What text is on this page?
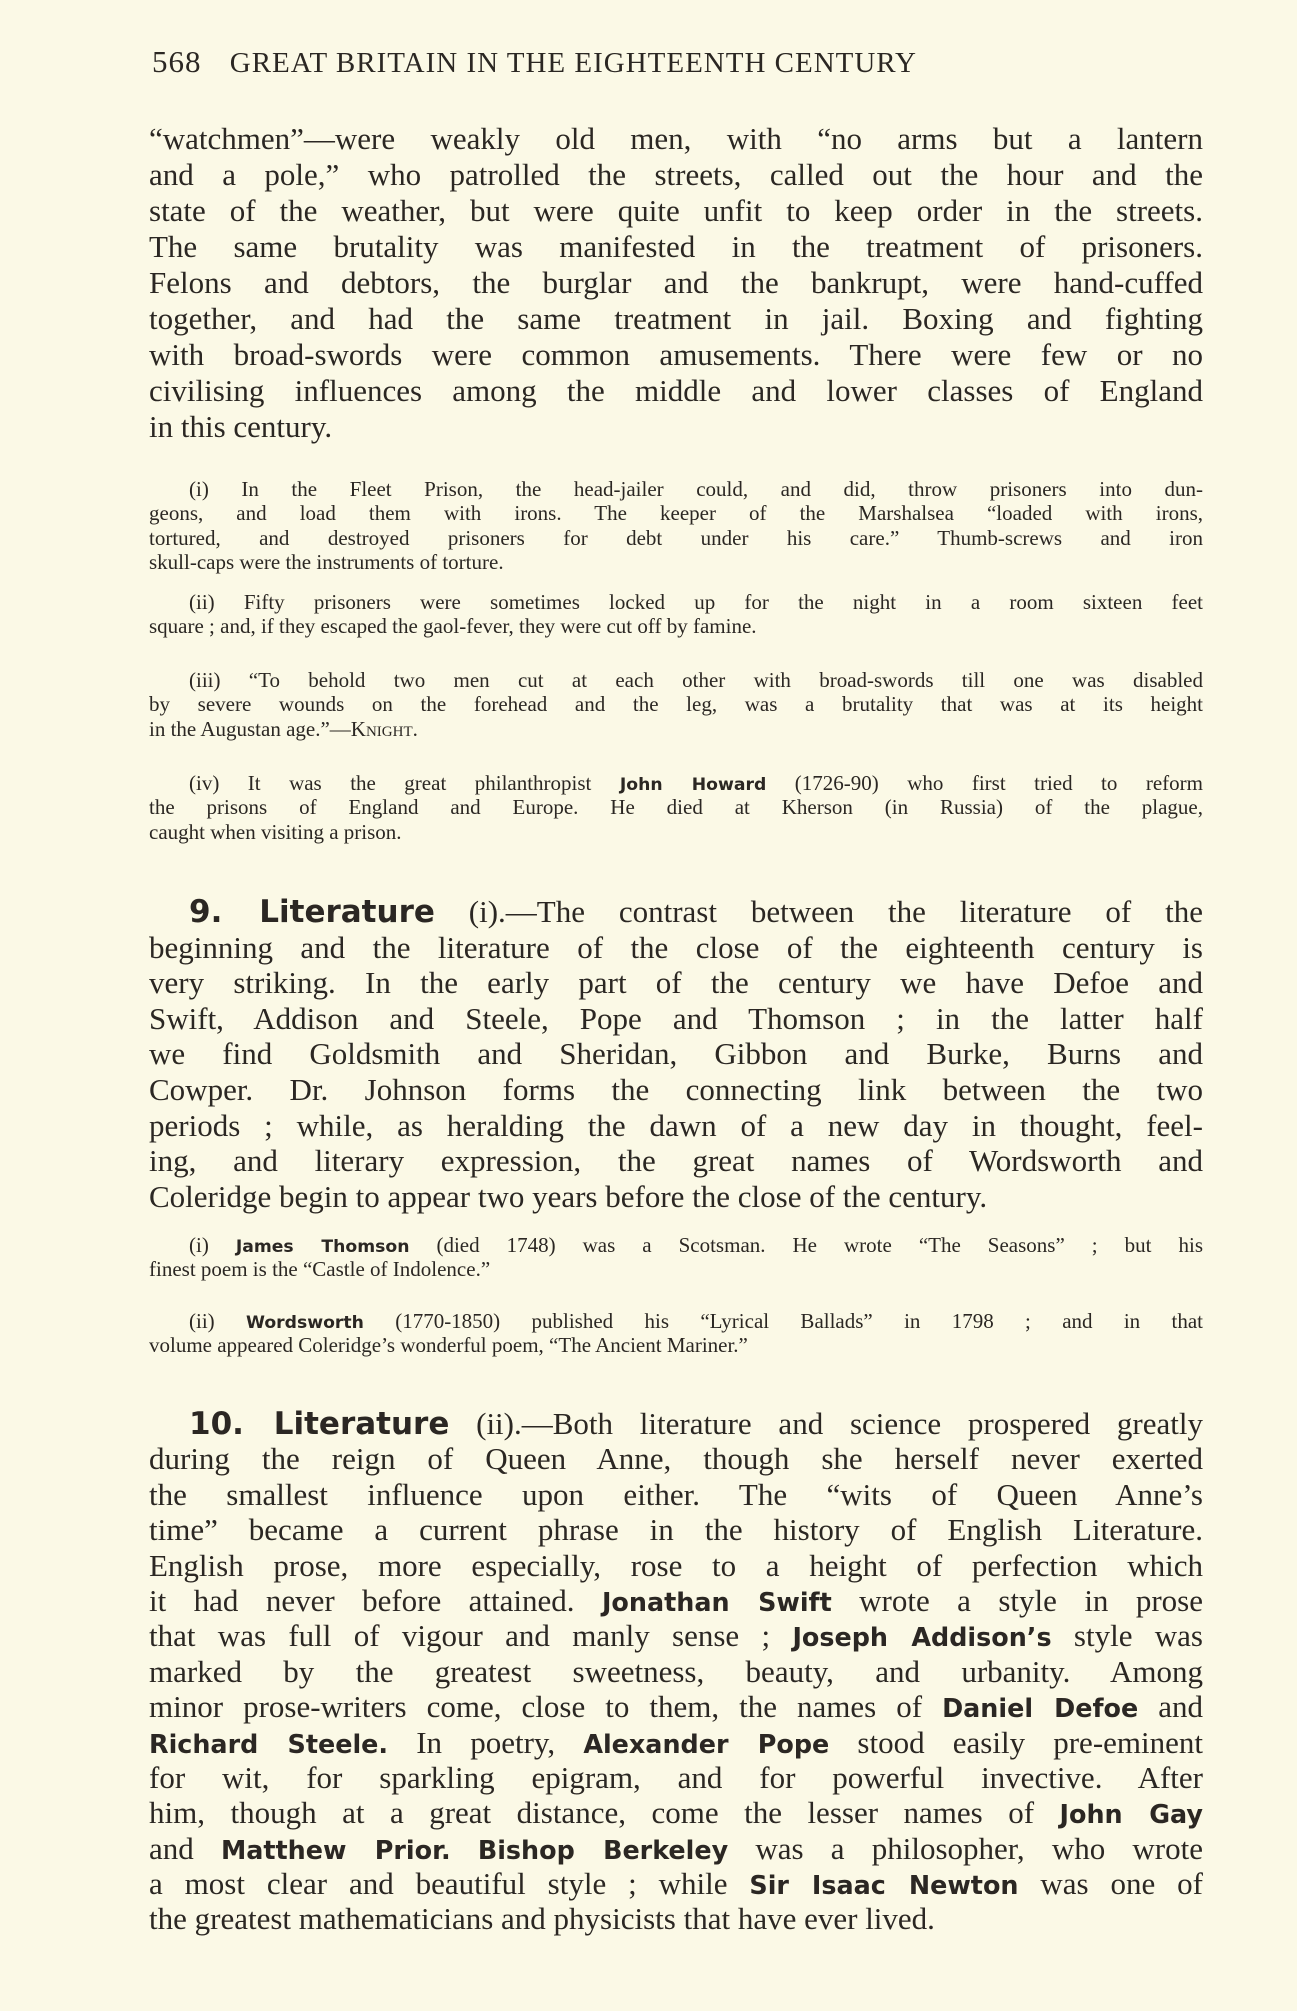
568 GREAT BRITAIN IN THE EIGHTEENTH CENTURY
“watchmen”—were weakly old men, with “no arms but a lantern
and a pole,” who patrolled the streets, called out the hour and the
state of the weather, but were quite unfit to keep order in the streets.
The same brutality was manifested in the treatment of prisoners.
Felons and debtors, the burglar and the bankrupt, were hand-cuffed
together, and had the same treatment in jail. Boxing and fighting
with broad-swords were common amusements. There were few or no
civilising influences among the middle and lower classes of England
in this century.
(i) In the Fleet Prison, the head-jailer could, and did, throw prisoners into dun-
geons, and load them with irons. The keeper of the Marshalsea “loaded with irons,
tortured, and destroyed prisoners for debt under his care.” Thumb-screws and iron
skull-caps were the instruments of torture.
(ii) Fifty prisoners were sometimes locked up for the night in a room sixteen feet
square ; and, if they escaped the gaol-fever, they were cut off by famine.
(iii) “To behold two men cut at each other with broad-swords till one was disabled
by severe wounds on the forehead and the leg, was a brutality that was at its height
in the Augustan age.”—Knight.
(iv) It was the great philanthropist John Howard (1726-90) who first tried to reform
the prisons of England and Europe. He died at Kherson (in Russia) of the plague,
caught when visiting a prison.
9. Literature (i).—The contrast between the literature of the
beginning and the literature of the close of the eighteenth century is
very striking. In the early part of the century we have Defoe and
Swift, Addison and Steele, Pope and Thomson ; in the latter half
we find Goldsmith and Sheridan, Gibbon and Burke, Burns and
Cowper. Dr. Johnson forms the connecting link between the two
periods ; while, as heralding the dawn of a new day in thought, feel-
ing, and literary expression, the great names of Wordsworth and
Coleridge begin to appear two years before the close of the century.
(i) James Thomson (died 1748) was a Scotsman. He wrote “The Seasons” ; but his
finest poem is the “Castle of Indolence.”
(ii) Wordsworth (1770-1850) published his “Lyrical Ballads” in 1798 ; and in that
volume appeared Coleridge’s wonderful poem, “The Ancient Mariner.”
10. Literature (ii).—Both literature and science prospered greatly
during the reign of Queen Anne, though she herself never exerted
the smallest influence upon either. The “wits of Queen Anne’s
time” became a current phrase in the history of English Literature.
English prose, more especially, rose to a height of perfection which
it had never before attained. Jonathan Swift wrote a style in prose
that was full of vigour and manly sense ; Joseph Addison’s style was
marked by the greatest sweetness, beauty, and urbanity. Among
minor prose-writers come, close to them, the names of Daniel Defoe and
Richard Steele. In poetry, Alexander Pope stood easily pre-eminent
for wit, for sparkling epigram, and for powerful invective. After
him, though at a great distance, come the lesser names of John Gay
and Matthew Prior. Bishop Berkeley was a philosopher, who wrote
a most clear and beautiful style ; while Sir Isaac Newton was one of
the greatest mathematicians and physicists that have ever lived.
